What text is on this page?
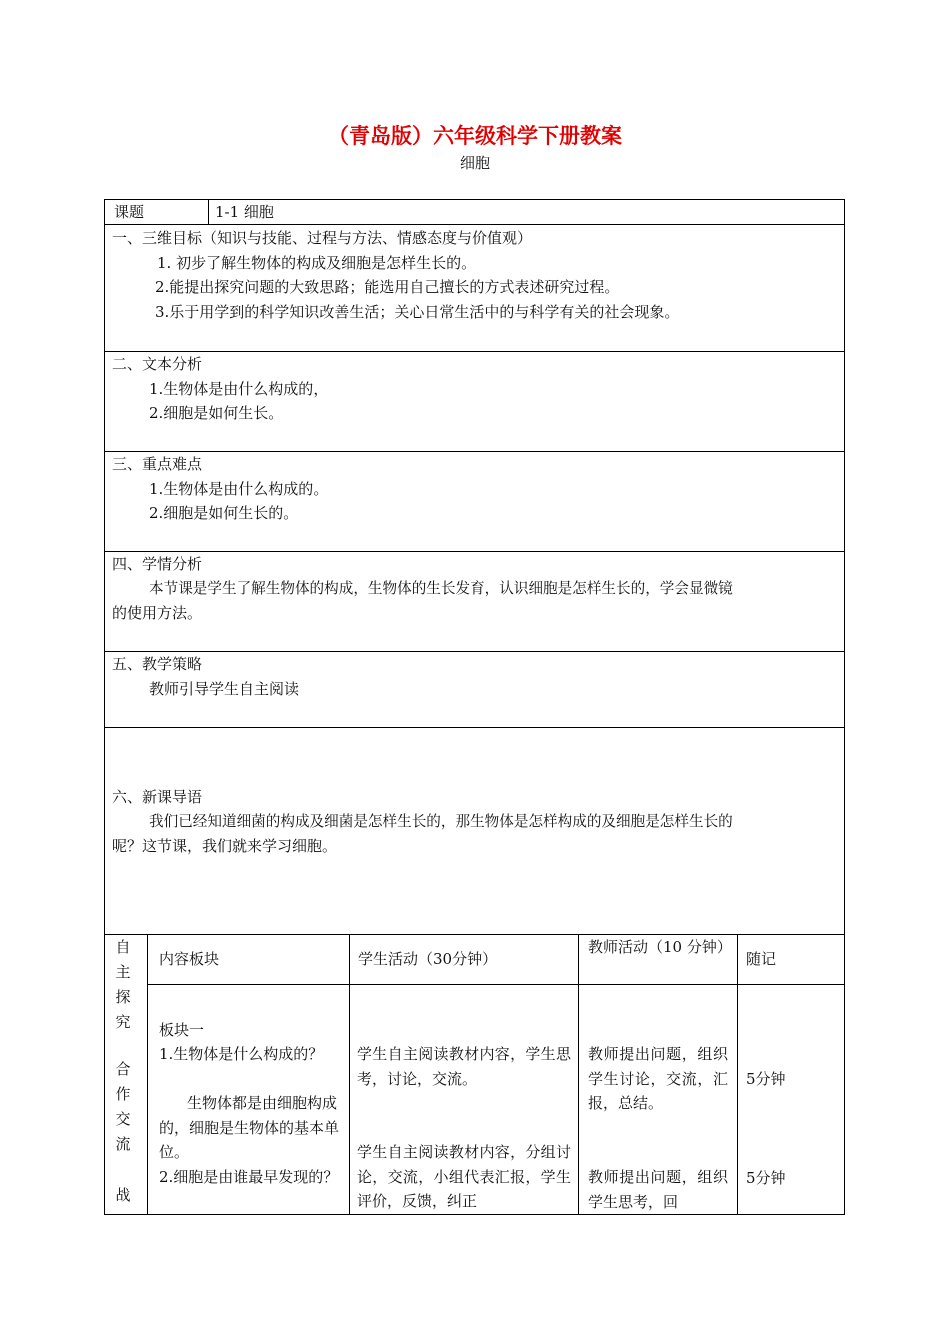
（青岛版）六年级科学下册教案
细胞
课题	1-1 细胞
一、三维目标（知识与技能、过程与方法、情感态度与价值观）
1. 初步了解生物体的构成及细胞是怎样生长的。
2.能提出探究问题的大致思路；能选用自己擅长的方式表述研究过程。
3.乐于用学到的科学知识改善生活；关心日常生活中的与科学有关的社会现象。
二、文本分析
1.生物体是由什么构成的，
2.细胞是如何生长。
三、重点难点
1.生物体是由什么构成的。
2.细胞是如何生长的。
四、学情分析
本节课是学生了解生物体的构成，生物体的生长发育，认识细胞是怎样生长的，学会显微镜
的使用方法。
五、教学策略
教师引导学生自主阅读
六、新课导语
我们已经知道细菌的构成及细菌是怎样生长的，那生物体是怎样构成的及细胞是怎样生长的
呢？这节课，我们就来学习细胞。
自主探究
合作交流
战
内容板块	学生活动（30分钟）
教师活动（10 分钟）
随记
板块一
1.生物体是什么构成的？
生物体都是由细胞构成的，细胞是生物体的基本单位。
2.细胞是由谁最早发现的？
学生自主阅读教材内容，学生思考，讨论，交流。
学生自主阅读教材内容，分组讨论，交流，小组代表汇报，学生评价，反馈，纠正
教师提出问题，组织学生讨论，交流，汇报，总结。
教师提出问题，组织学生思考，回
5分钟
5分钟
